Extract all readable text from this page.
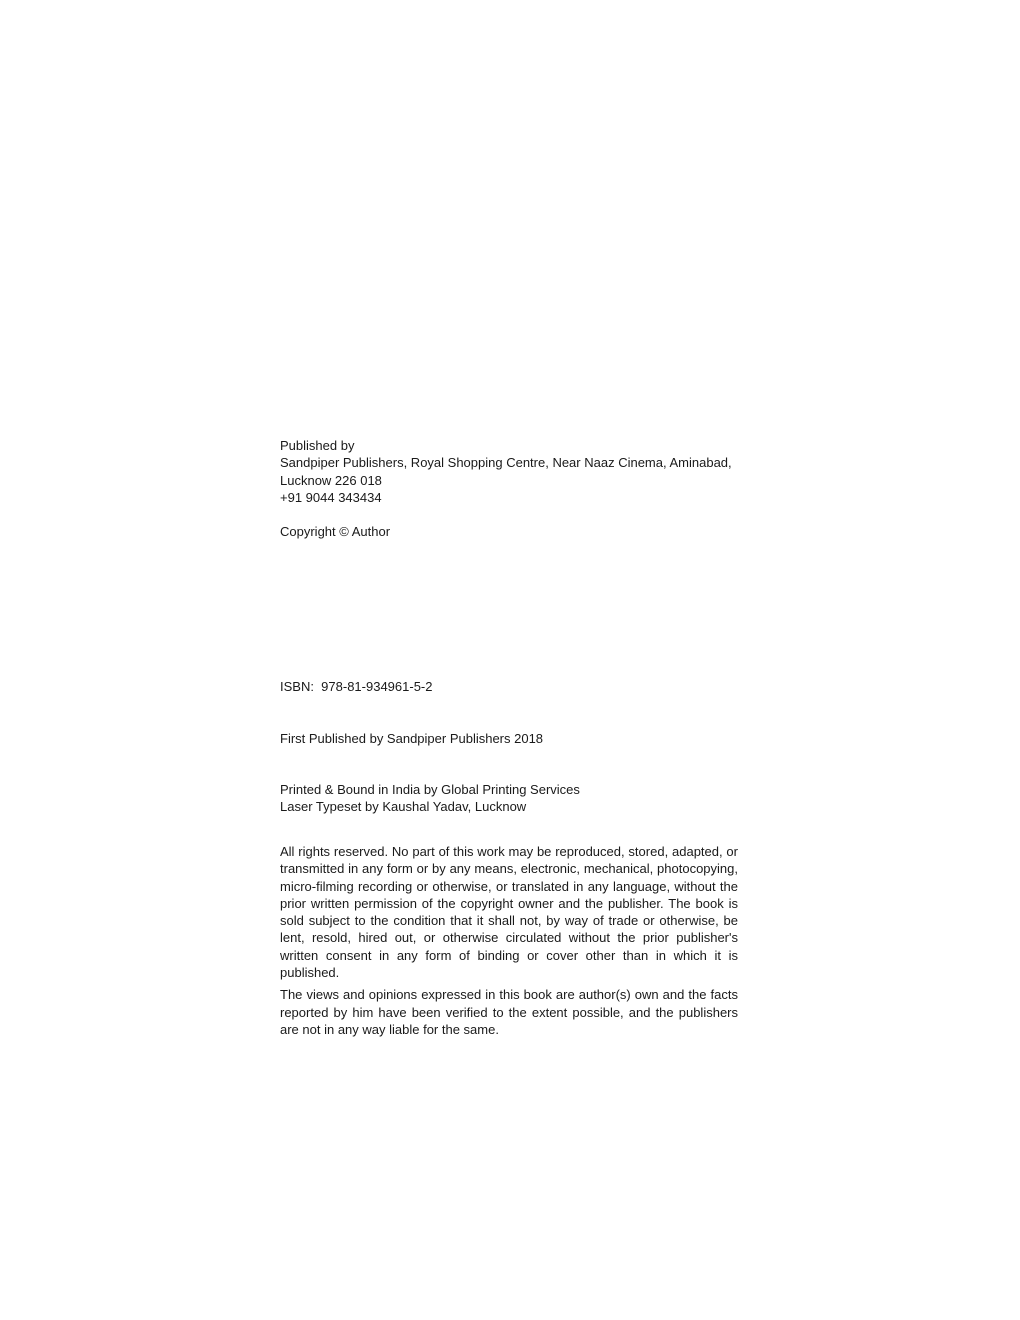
Published by
Sandpiper Publishers, Royal Shopping Centre, Near Naaz Cinema, Aminabad,
Lucknow 226 018
+91 9044 343434
Copyright © Author
ISBN:  978-81-934961-5-2
First Published by Sandpiper Publishers 2018
Printed & Bound in India by Global Printing Services
Laser Typeset by Kaushal Yadav, Lucknow

All rights reserved. No part of this work may be reproduced, stored, adapted, or transmitted in any form or by any means, electronic, mechanical, photocopying, micro-filming recording or otherwise, or translated in any language, without the prior written permission of the copyright owner and the publisher. The book is sold subject to the condition that it shall not, by way of trade or otherwise, be lent, resold, hired out, or otherwise circulated without the prior publisher's written consent in any form of binding or cover other than in which it is published.

The views and opinions expressed in this book are author(s) own and the facts reported by him have been verified to the extent possible, and the publishers are not in any way liable for the same.
